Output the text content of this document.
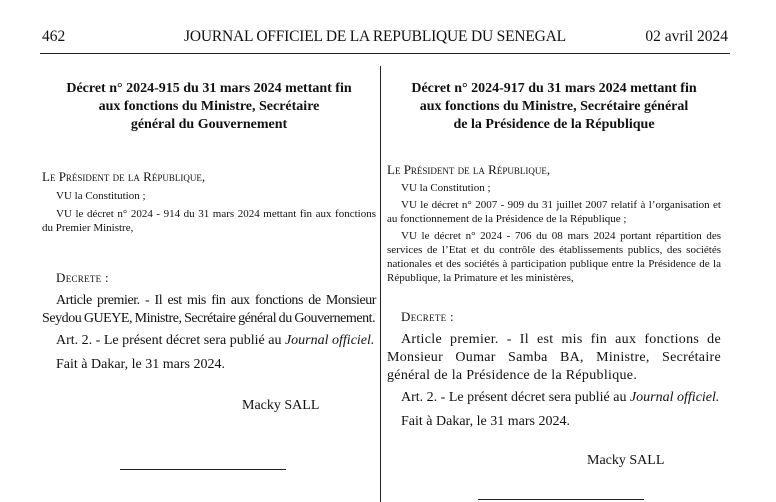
462	JOURNAL OFFICIEL DE LA REPUBLIQUE DU SENEGAL	02 avril 2024
Décret n° 2024-915 du 31 mars 2024 mettant fin
aux fonctions du Ministre, Secrétaire
général du Gouvernement

Le Président de la République,

VU la Constitution ;

VU le décret n° 2024 - 914 du 31 mars 2024 mettant fin aux fonctions du Premier Ministre,

Decrete :

Article premier. - Il est mis fin aux fonctions de Monsieur Seydou GUEYE, Ministre, Secrétaire général du Gouvernement.

Art. 2. - Le présent décret sera publié au Journal officiel.

Fait à Dakar, le 31 mars 2024.

Macky SALL

Décret n° 2024-917 du 31 mars 2024 mettant fin
aux fonctions du Ministre, Secrétaire général
de la Présidence de la République

Le Président de la République,

VU la Constitution ;

VU le décret n° 2007 - 909 du 31 juillet 2007 relatif à l’organisation et au fonctionnement de la Présidence de la République ;

VU le décret n° 2024 - 706 du 08 mars 2024 portant répartition des services de l’Etat et du contrôle des établissements publics, des sociétés nationales et des sociétés à participation publique entre la Présidence de la République, la Primature et les ministères,

Decrete :

Article premier. - Il est mis fin aux fonctions de Monsieur Oumar Samba BA, Ministre, Secrétaire général de la Présidence de la République.

Art. 2. - Le présent décret sera publié au Journal officiel.

Fait à Dakar, le 31 mars 2024.

Macky SALL
